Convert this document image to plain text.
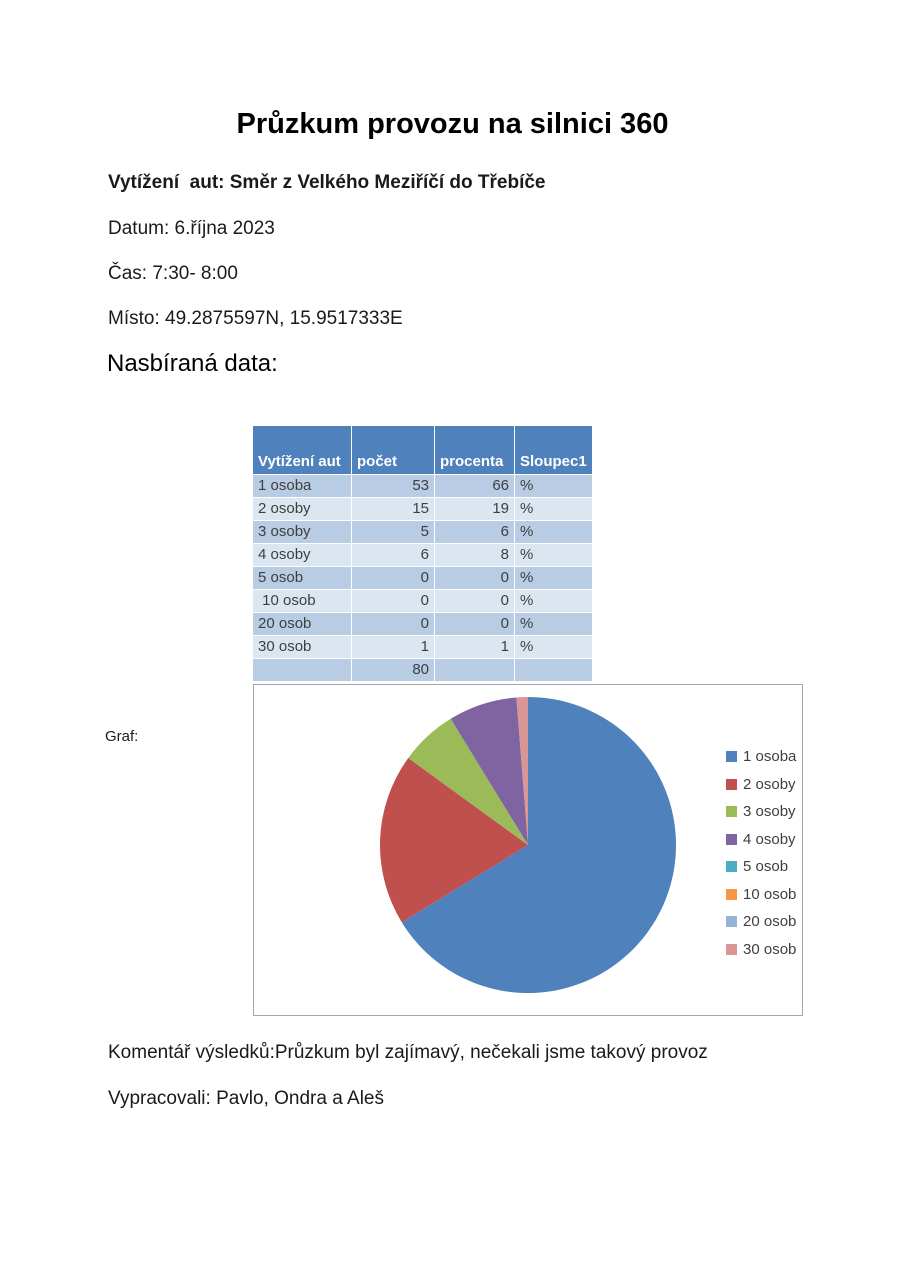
Průzkum provozu na silnici 360
Vytížení  aut: Směr z Velkého Meziříčí do Třebíče
Datum: 6.října 2023
Čas: 7:30- 8:00
Místo: 49.2875597N, 15.9517333E
Nasbíraná data:
Vytížení aut	počet	procenta	Sloupec1
1 osoba	53	66	%
2 osoby	15	19	%
3 osoby	5	6	%
4 osoby	6	8	%
5 osob	0	0	%
10 osob	0	0	%
20 osob	0	0	%
30 osob	1	1	%
	80		
Graf:
1 osoba
2 osoby
3 osoby
4 osoby
5 osob
10 osob
20 osob
30 osob
Komentář výsledků:Průzkum byl zajímavý, nečekali jsme takový provoz
Vypracovali: Pavlo, Ondra a Aleš
